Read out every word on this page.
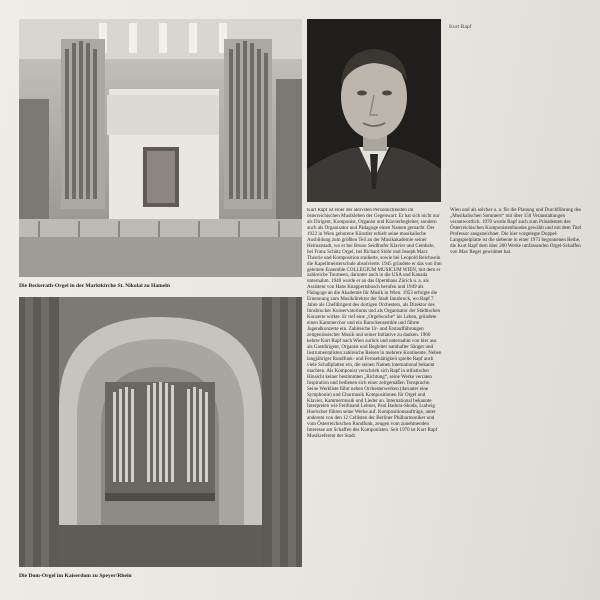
Die Beckerath-Orgel in der Marktkirche St. Nikolai zu Hameln
Kurt Rapf
Die Dom-Orgel im Kaiserdom zu Speyer/Rhein

Kurt Rapf ist einer der aktivsten Persönlichkeiten im österreichischen Musikleben der Gegenwart: Er hat sich nicht nur als Dirigent, Komponist, Organist und Klavierbegleiter, sondern auch als Organisator und Pädagoge einen Namen gemacht. Der 1922 in Wien geborene Künstler erhielt seine musikalische Ausbildung zum größten Teil an der Musikakademie seiner Heimatstadt, wo er bei Bruno Seidlhofer Klavier und Cembalo, bei Franz Schütz Orgel, bei Richard Stöhr und Joseph Marx Theorie und Komposition studierte, sowie bei Leopold Reichwein die Kapellmeisterschule absolvierte. 1945 gründete er das von ihm geleitete Ensemble COLLEGIUM MUSICUM WIEN, mit dem er zahlreiche Tourneen, darunter auch in die USA und Kanada unternahm. 1948 wurde er an das Opernhaus Zürich u. a. als Assistent von Hans Knappertsbusch berufen und 1949 als Pädagoge an die Akademie für Musik in Wien. 1953 erfolgte die Ernennung zum Musikdirektor der Stadt Innsbruck, wo Rapf 7 Jahre als Chefdirigent des dortigen Orchesters, als Direktor des Innsbrucker Konservatoriums und als Organisator der Städtischen Konzerte wirkte. Er rief eine „Orgelwoche“ ins Leben, gründete einen Kammerchor und ein Barockensemble und führte Jugendkonzerte ein. Zahlreiche Ur- und Erstaufführungen zeitgenössischer Musik und seiner Initiative zu danken. 1960 kehrte Kurt Rapf nach Wien zurück und unternahm von hier aus als Gastdirigent, Organist und Begleiter namhafter Sänger und Instrumentalisten zahlreiche Reisen in mehrere Kontinente. Neben langjähriger Rundfunk- und Fernsehtätigkeit spielte Rapf auch viele Schallplatten ein, die seinen Namen international bekannt machten. Als Komponist verschrieb sich Rapf in stilistischer Hinsicht keiner bestimmten „Richtung“, seine Werke verraten Inspiration und bedienen sich einer zeitgemäßen Tonsprache. Seine Werkliste führt neben Orchesterwerken (darunter eine Symphonie) und Chormusik Kompositionen für Orgel und Klavier, Kammermusik und Lieder an. International bekannte Interpreten wie Ferdinand Leitner, Paul Badura-Skoda, Ludwig Hoelscher führen seine Werke auf. Kompositionsaufträge, unter anderem von den 12 Cellisten der Berliner Philharmoniker und vom Österreichischen Rundfunk, zeugen vom zunehmenden Interesse am Schaffen des Komponisten. Seit 1970 ist Kurt Rapf Musikreferent der Stadt

Wien und als solcher u. a. für die Planung und Durchführung des „Musikalischen Sommers“ mit über 150 Veranstaltungen verantwortlich. 1970 wurde Rapf auch zum Präsidenten des Österreichischen Komponistenbundes gewählt und mit dem Titel Professor ausgezeichnet. Die hier vorgelegte Doppel-Langspielplatte ist die siebente in einer 1973 begonnenen Reihe, die Kurt Rapf dem über 200 Werke umfassenden Orgel-Schaffen von Max Reger gewidmet hat.
